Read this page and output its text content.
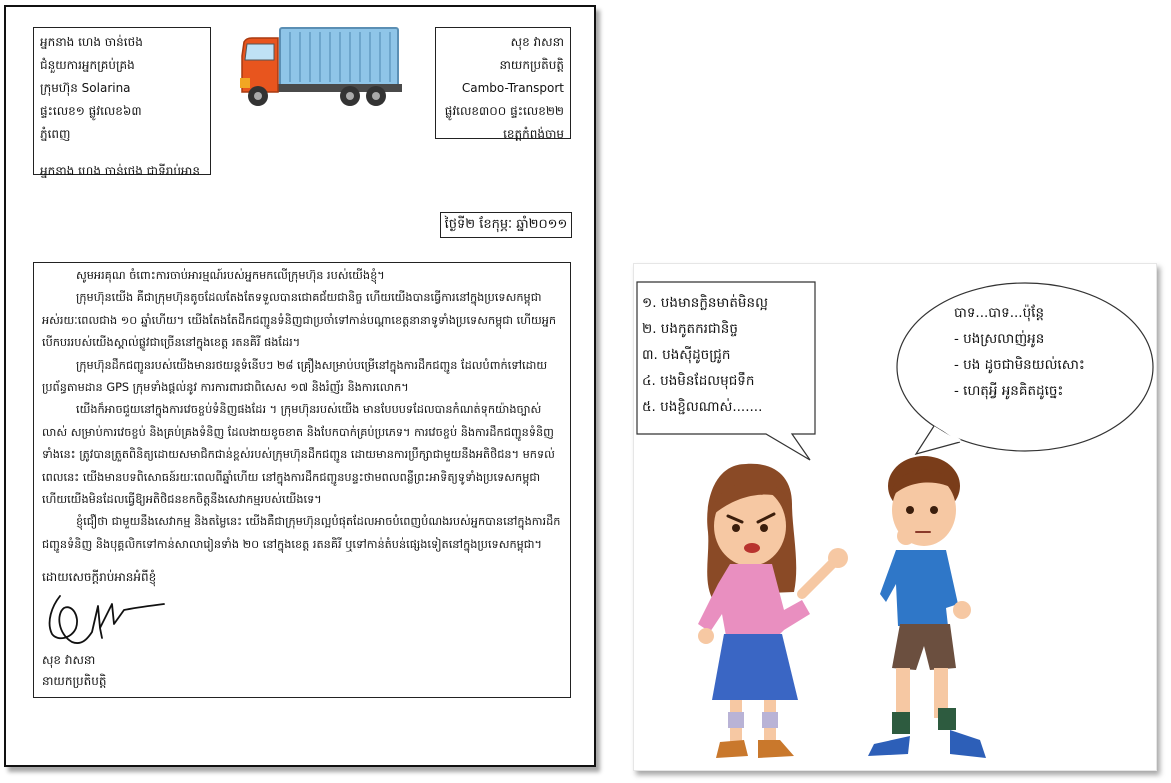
អ្នកនាង ហេង ចាន់ថេង
ជំនួយការអ្នកគ្រប់គ្រង
ក្រុមហ៊ុន Solarina
ផ្ទះលេខ១ ផ្លូវលេខ៦៣
ភ្នំពេញ
អ្នកនាង ហេង ចាន់ថេង ជាទីរាប់អាន
សុខ វាសនា
នាយកប្រតិបត្តិ
Cambo-Transport
ផ្លូវលេខ៣០០ ផ្ទះលេខ២២
ខេត្តកំពង់ចាម
ថ្ងៃទី២ ខែកុម្ភៈ ឆ្នាំ២០១១

សូមអរគុណ ចំពោះការចាប់អារម្មណ៍របស់អ្នកមកលើក្រុមហ៊ុន របស់យើងខ្ញុំ។

ក្រុមហ៊ុនយើង គឺជាក្រុមហ៊ុនតូចដែលតែងតែទទួលបានជោគជ័យជានិច្ច ហើយយើងបានធ្វើការនៅក្នុងប្រទេសកម្ពុជាអស់រយៈពេលជាង ១០ ឆ្នាំហើយ។ យើងតែងតែដឹកជញ្ជូនទំនិញជាប្រចាំទៅកាន់បណ្តាខេត្តនានាទូទាំងប្រទេសកម្ពុជា ហើយអ្នកបើកបររបស់យើងស្គាល់ផ្លូវជាច្រើននៅក្នុងខេត្ត រតនគិរី ផងដែរ។

ក្រុមហ៊ុនដឹកជញ្ជូនរបស់យើងមានរថយន្តទំនើបៗ ២៨ គ្រឿងសម្រាប់បម្រើនៅក្នុងការដឹកជញ្ជូន ដែលបំពាក់ទៅដោយប្រព័ន្ធតាមដាន GPS ក្រុមទាំងផ្តល់នូវ ការការពារជាពិសេស ១៧ និងរំញ័រ និងការលោក។

យើងក៏អាចជួយនៅក្នុងការវេចខ្ចប់ទំនិញផងដែរ ។ ក្រុមហ៊ុនរបស់យើង មានបែបបទដែលបានកំណត់ទុកយ៉ាងច្បាស់លាស់ សម្រាប់ការវេចខ្ចប់ និងគ្រប់គ្រងទំនិញ ដែលងាយខូចខាត និងបែកបាក់គ្រប់ប្រភេទ។ ការវេចខ្ចប់ និងការដឹកជញ្ជូនទំនិញទាំងនេះ ត្រូវបានត្រួតពិនិត្យដោយសមាជិកជាន់ខ្ពស់របស់ក្រុមហ៊ុនដឹកជញ្ជូន ដោយមានការប្រឹក្សាជាមួយនឹងអតិថិជន។ មកទល់ពេលនេះ យើងមានបទពិសោធន៍រយៈពេលពីឆ្នាំហើយ នៅក្នុងការដឹកជញ្ជូនបន្ទះថាមពលពន្លឺព្រះអាទិត្យទូទាំងប្រទេសកម្ពុជា ហើយយើងមិនដែលធ្វើឱ្យអតិថិជនខកចិត្តនឹងសេវាកម្មរបស់យើងទេ។

ខ្ញុំជឿថា ជាមួយនឹងសេវាកម្ម និងតម្លៃនេះ យើងគឺជាក្រុមហ៊ុនល្អបំផុតដែលអាចបំពេញបំណងរបស់អ្នកបាននៅក្នុងការដឹកជញ្ជូនទំនិញ និងបុគ្គលិកទៅកាន់សាលារៀនទាំង ២០ នៅក្នុងខេត្ត រតនគិរី ឬទៅកាន់តំបន់ផ្សេងទៀតនៅក្នុងប្រទេសកម្ពុជា។

ដោយសេចក្តីរាប់អានអំពីខ្ញុំ
សុខ វាសនា
នាយកប្រតិបត្តិ
១. បងមានក្លិនមាត់មិនល្អ
២. បងកូតករជានិច្ច
៣. បងស៊ីដូចជ្រូក
៤. បងមិនដែលមុជទឹក
៥. បងខ្ជិលណាស់.......
បាទ...បាទ...ប៉ុន្តែ
- បងស្រលាញ់អូន
- បង ដូចជាមិនយល់សោះ
- ហេតុអ្វី អូនគិតដូច្នេះ
